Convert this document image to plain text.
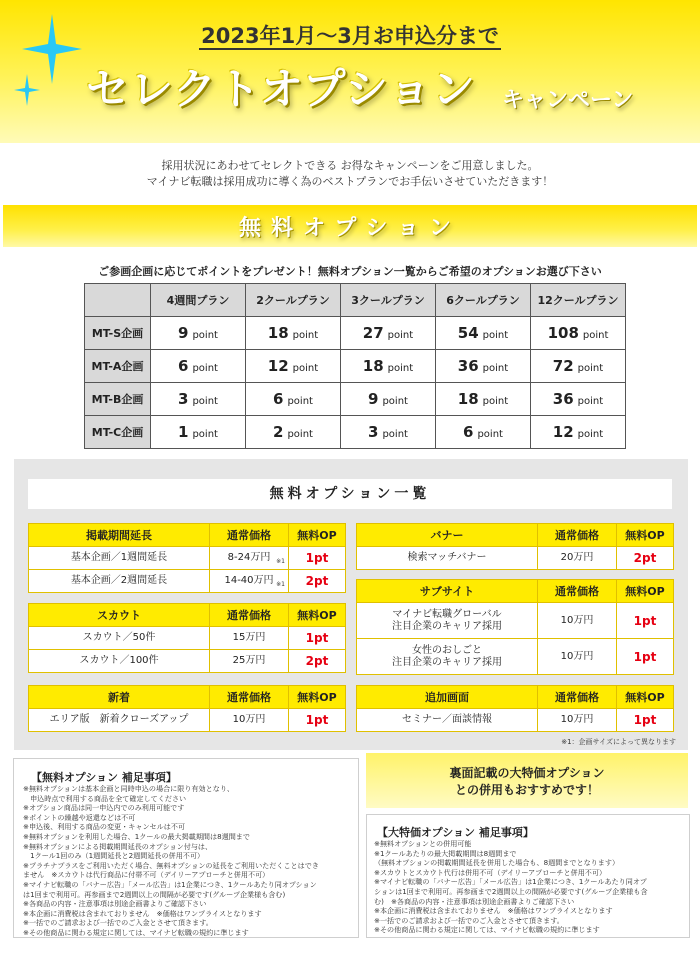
2023年1月～3月お申込分まで
セレクトオプション キャンペーン
採用状況にあわせてセレクトできる お得なキャンペーンをご用意しました。
マイナビ転職は採用成功に導く為のベストプランでお手伝いさせていただきます！
無料オプション
ご参画企画に応じてポイントをプレゼント！無料オプション一覧からご希望のオプションお選び下さい
	4週間プラン	2クールプラン	3クールプラン	6クールプラン	12クールプラン
MT-S企画	9 point	18 point	27 point	54 point	108 point
MT-A企画	6 point	12 point	18 point	36 point	72 point
MT-B企画	3 point	6 point	9 point	18 point	36 point
MT-C企画	1 point	2 point	3 point	6 point	12 point
無料オプション一覧
掲載期間延長	通常価格	無料OP
基本企画／1週間延長	8-24万円 ※1	1pt
基本企画／2週間延長	14-40万円 ※1	2pt
スカウト	通常価格	無料OP
スカウト／50件	15万円	1pt
スカウト／100件	25万円	2pt
新着	通常価格	無料OP
エリア版　新着クローズアップ	10万円	1pt
バナー	通常価格	無料OP
検索マッチバナー	20万円	2pt
サブサイト	通常価格	無料OP

マイナビ転職グローバル
注目企業のキャリア採用	10万円	1pt

女性のおしごと
注目企業のキャリア採用	10万円	1pt
追加画面	通常価格	無料OP
セミナー／面談情報	10万円	1pt
※1：企画サイズによって異なります
【無料オプション 補足事項】
※無料オプションは基本企画と同時申込の場合に限り有効となり、
　申込時点で利用する商品を全て確定してください
※オプション商品は同一申込内でのみ利用可能です
※ポイントの繰越や返還などは不可
※申込後、利用する商品の変更・キャンセルは不可
※無料オプションを利用した場合、1クールの最大掲載期間は8週間まで
※無料オプションによる掲載期間延長のオプション付与は、
　1クール1回のみ（1週間延長と2週間延長の併用不可）
※プラチナプラスをご利用いただく場合、無料オプションの延長をご利用いただくことはでき
ません　※スカウトは代行商品に付帯不可（デイリーアプローチと併用不可）
※マイナビ転職の「バナー広告」「メール広告」は1企業につき、1クールあたり同オプション
は1回まで利用可。再参画まで2週間以上の間隔が必要です(グループ企業様も含む)
※各商品の内容・注意事項は別途企画書よりご確認下さい
※本企画に消費税は含まれておりません　※価格はワンプライスとなります
※一括でのご請求および一括でのご入金とさせて頂きます。
※その他商品に関わる規定に関しては、マイナビ転職の規約に準じます
裏面記載の大特価オプション
との併用もおすすめです！
【大特価オプション 補足事項】
※無料オプションとの併用可能
※1クールあたりの最大掲載期間は8週間まで
（無料オプションの掲載期間延長を併用した場合も、8週間までとなります）
※スカウトとスカウト代行は併用不可（デイリーアプローチと併用不可）
※マイナビ転職の「バナー広告」「メール広告」は1企業につき、1クールあたり同オプ
ションは1回まで利用可。再参画まで2週間以上の間隔が必要です(グループ企業様も含
む)　※各商品の内容・注意事項は別途企画書よりご確認下さい
※本企画に消費税は含まれておりません　※価格はワンプライスとなります
※一括でのご請求および一括でのご入金とさせて頂きます。
※その他商品に関わる規定に関しては、マイナビ転職の規約に準じます
